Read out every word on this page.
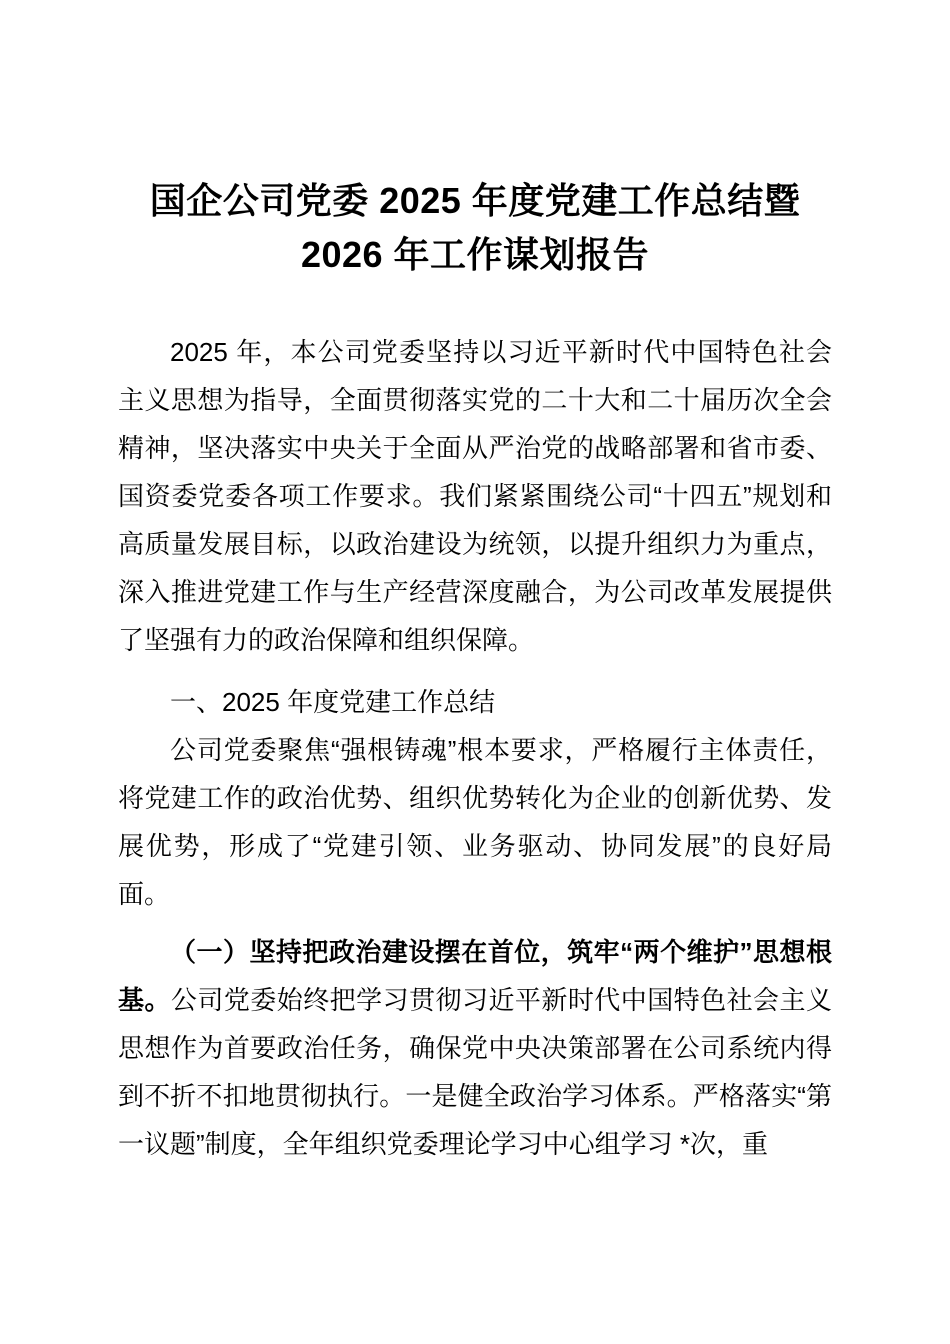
国企公司党委 2025 年度党建工作总结暨
2026 年工作谋划报告

2025 年，本公司党委坚持以习近平新时代中国特色社会主义思想为指导，全面贯彻落实党的二十大和二十届历次全会精神，坚决落实中央关于全面从严治党的战略部署和省市委、国资委党委各项工作要求。我们紧紧围绕公司“十四五”规划和高质量发展目标，以政治建设为统领，以提升组织力为重点，深入推进党建工作与生产经营深度融合，为公司改革发展提供了坚强有力的政治保障和组织保障。

一、2025 年度党建工作总结

公司党委聚焦“强根铸魂”根本要求，严格履行主体责任，将党建工作的政治优势、组织优势转化为企业的创新优势、发展优势，形成了“党建引领、业务驱动、协同发展”的良好局面。

（一）坚持把政治建设摆在首位，筑牢“两个维护”思想根基。公司党委始终把学习贯彻习近平新时代中国特色社会主义思想作为首要政治任务，确保党中央决策部署在公司系统内得到不折不扣地贯彻执行。一是健全政治学习体系。严格落实“第一议题”制度，全年组织党委理论学习中心组学习 *次，重
